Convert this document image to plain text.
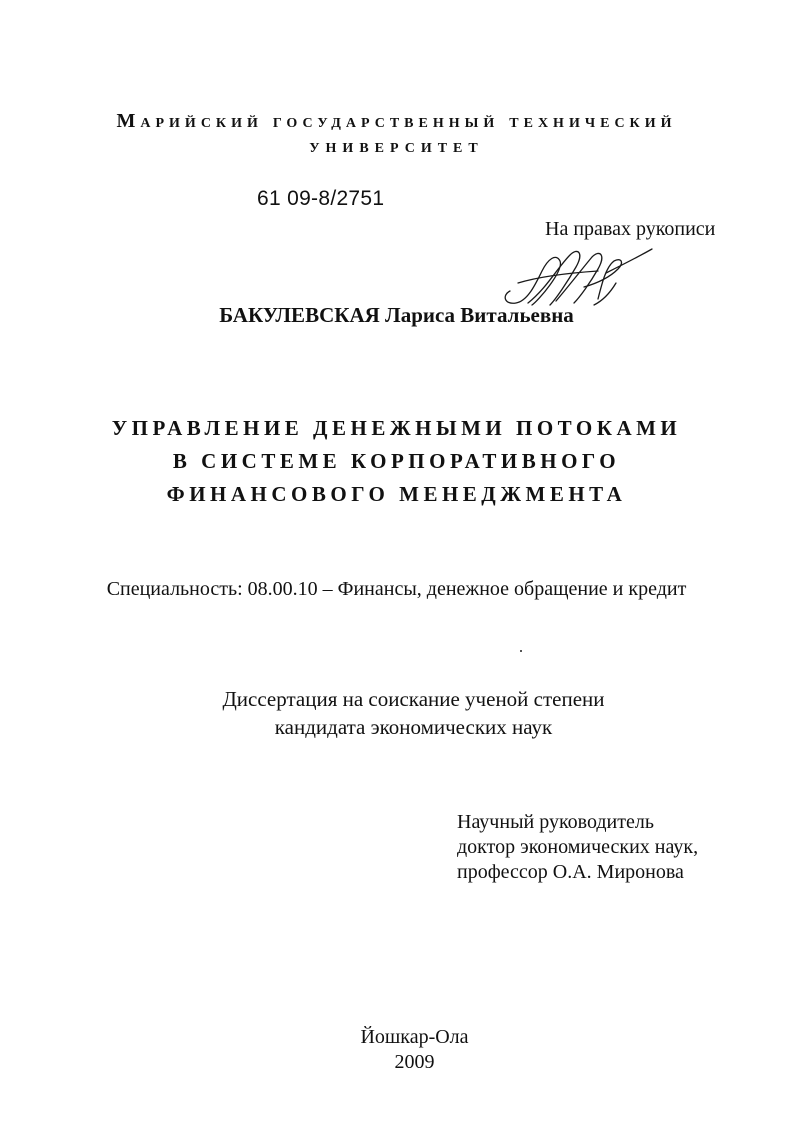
Марийский государственный технический
университет
61 09-8/2751
На правах рукописи
БАКУЛЕВСКАЯ Лариса Витальевна
УПРАВЛЕНИЕ ДЕНЕЖНЫМИ ПОТОКАМИ
В СИСТЕМЕ КОРПОРАТИВНОГО
ФИНАНСОВОГО МЕНЕДЖМЕНТА
Специальность: 08.00.10 – Финансы, денежное обращение и кредит
Диссертация на соискание ученой степени
кандидата экономических наук
Научный руководитель
доктор экономических наук,
профессор О.А. Миронова
Йошкар-Ола
2009
